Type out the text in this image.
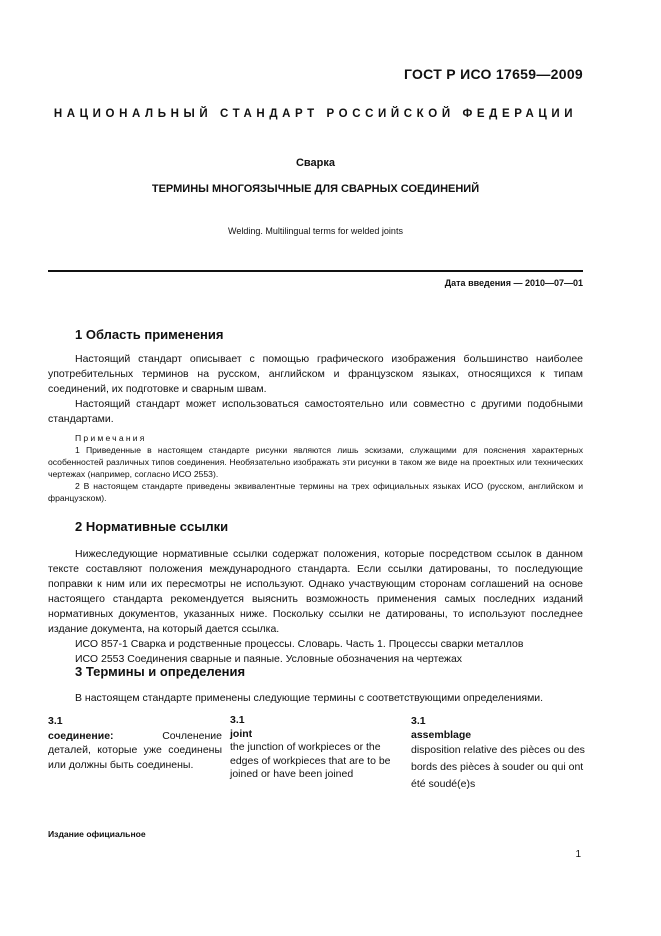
ГОСТ Р ИСО 17659—2009
НАЦИОНАЛЬНЫЙ СТАНДАРТ РОССИЙСКОЙ ФЕДЕРАЦИИ
Сварка
ТЕРМИНЫ МНОГОЯЗЫЧНЫЕ ДЛЯ СВАРНЫХ СОЕДИНЕНИЙ
Welding. Multilingual terms for welded joints
Дата введения — 2010—07—01
1 Область применения

Настоящий стандарт описывает с помощью графического изображения большинство наиболее употребительных терминов на русском, английском и французском языках, относящихся к типам соединений, их подготовке и сварным швам.

Настоящий стандарт может использоваться самостоятельно или совместно с другими подобными стандартами.

Примечания

1 Приведенные в настоящем стандарте рисунки являются лишь эскизами, служащими для пояснения характерных особенностей различных типов соединения. Необязательно изображать эти рисунки в таком же виде на проектных или технических чертежах (например, согласно ИСО 2553).

2 В настоящем стандарте приведены эквивалентные термины на трех официальных языках ИСО (русском, английском и французском).

2 Нормативные ссылки

Нижеследующие нормативные ссылки содержат положения, которые посредством ссылок в данном тексте составляют положения международного стандарта. Если ссылки датированы, то последующие поправки к ним или их пересмотры не используют. Однако участвующим сторонам соглашений на основе настоящего стандарта рекомендуется выяснить возможность применения самых последних изданий нормативных документов, указанных ниже. Поскольку ссылки не датированы, то используют последнее издание документа, на который дается ссылка.

ИСО 857-1 Сварка и родственные процессы. Словарь. Часть 1. Процессы сварки металлов
ИСО 2553 Соединения сварные и паяные. Условные обозначения на чертежах
3 Термины и определения
В настоящем стандарте применены следующие термины с соответствующими определениями.
3.1
соединение:	Сочленение деталей, которые уже соединены или должны быть соединены.
3.1
joint
the junction of workpieces or the edges of workpieces that are to be joined or have been joined
3.1
assemblage
disposition relative des pièces ou des bords des pièces à souder ou qui ont été soudé(e)s
Издание официальное
1
